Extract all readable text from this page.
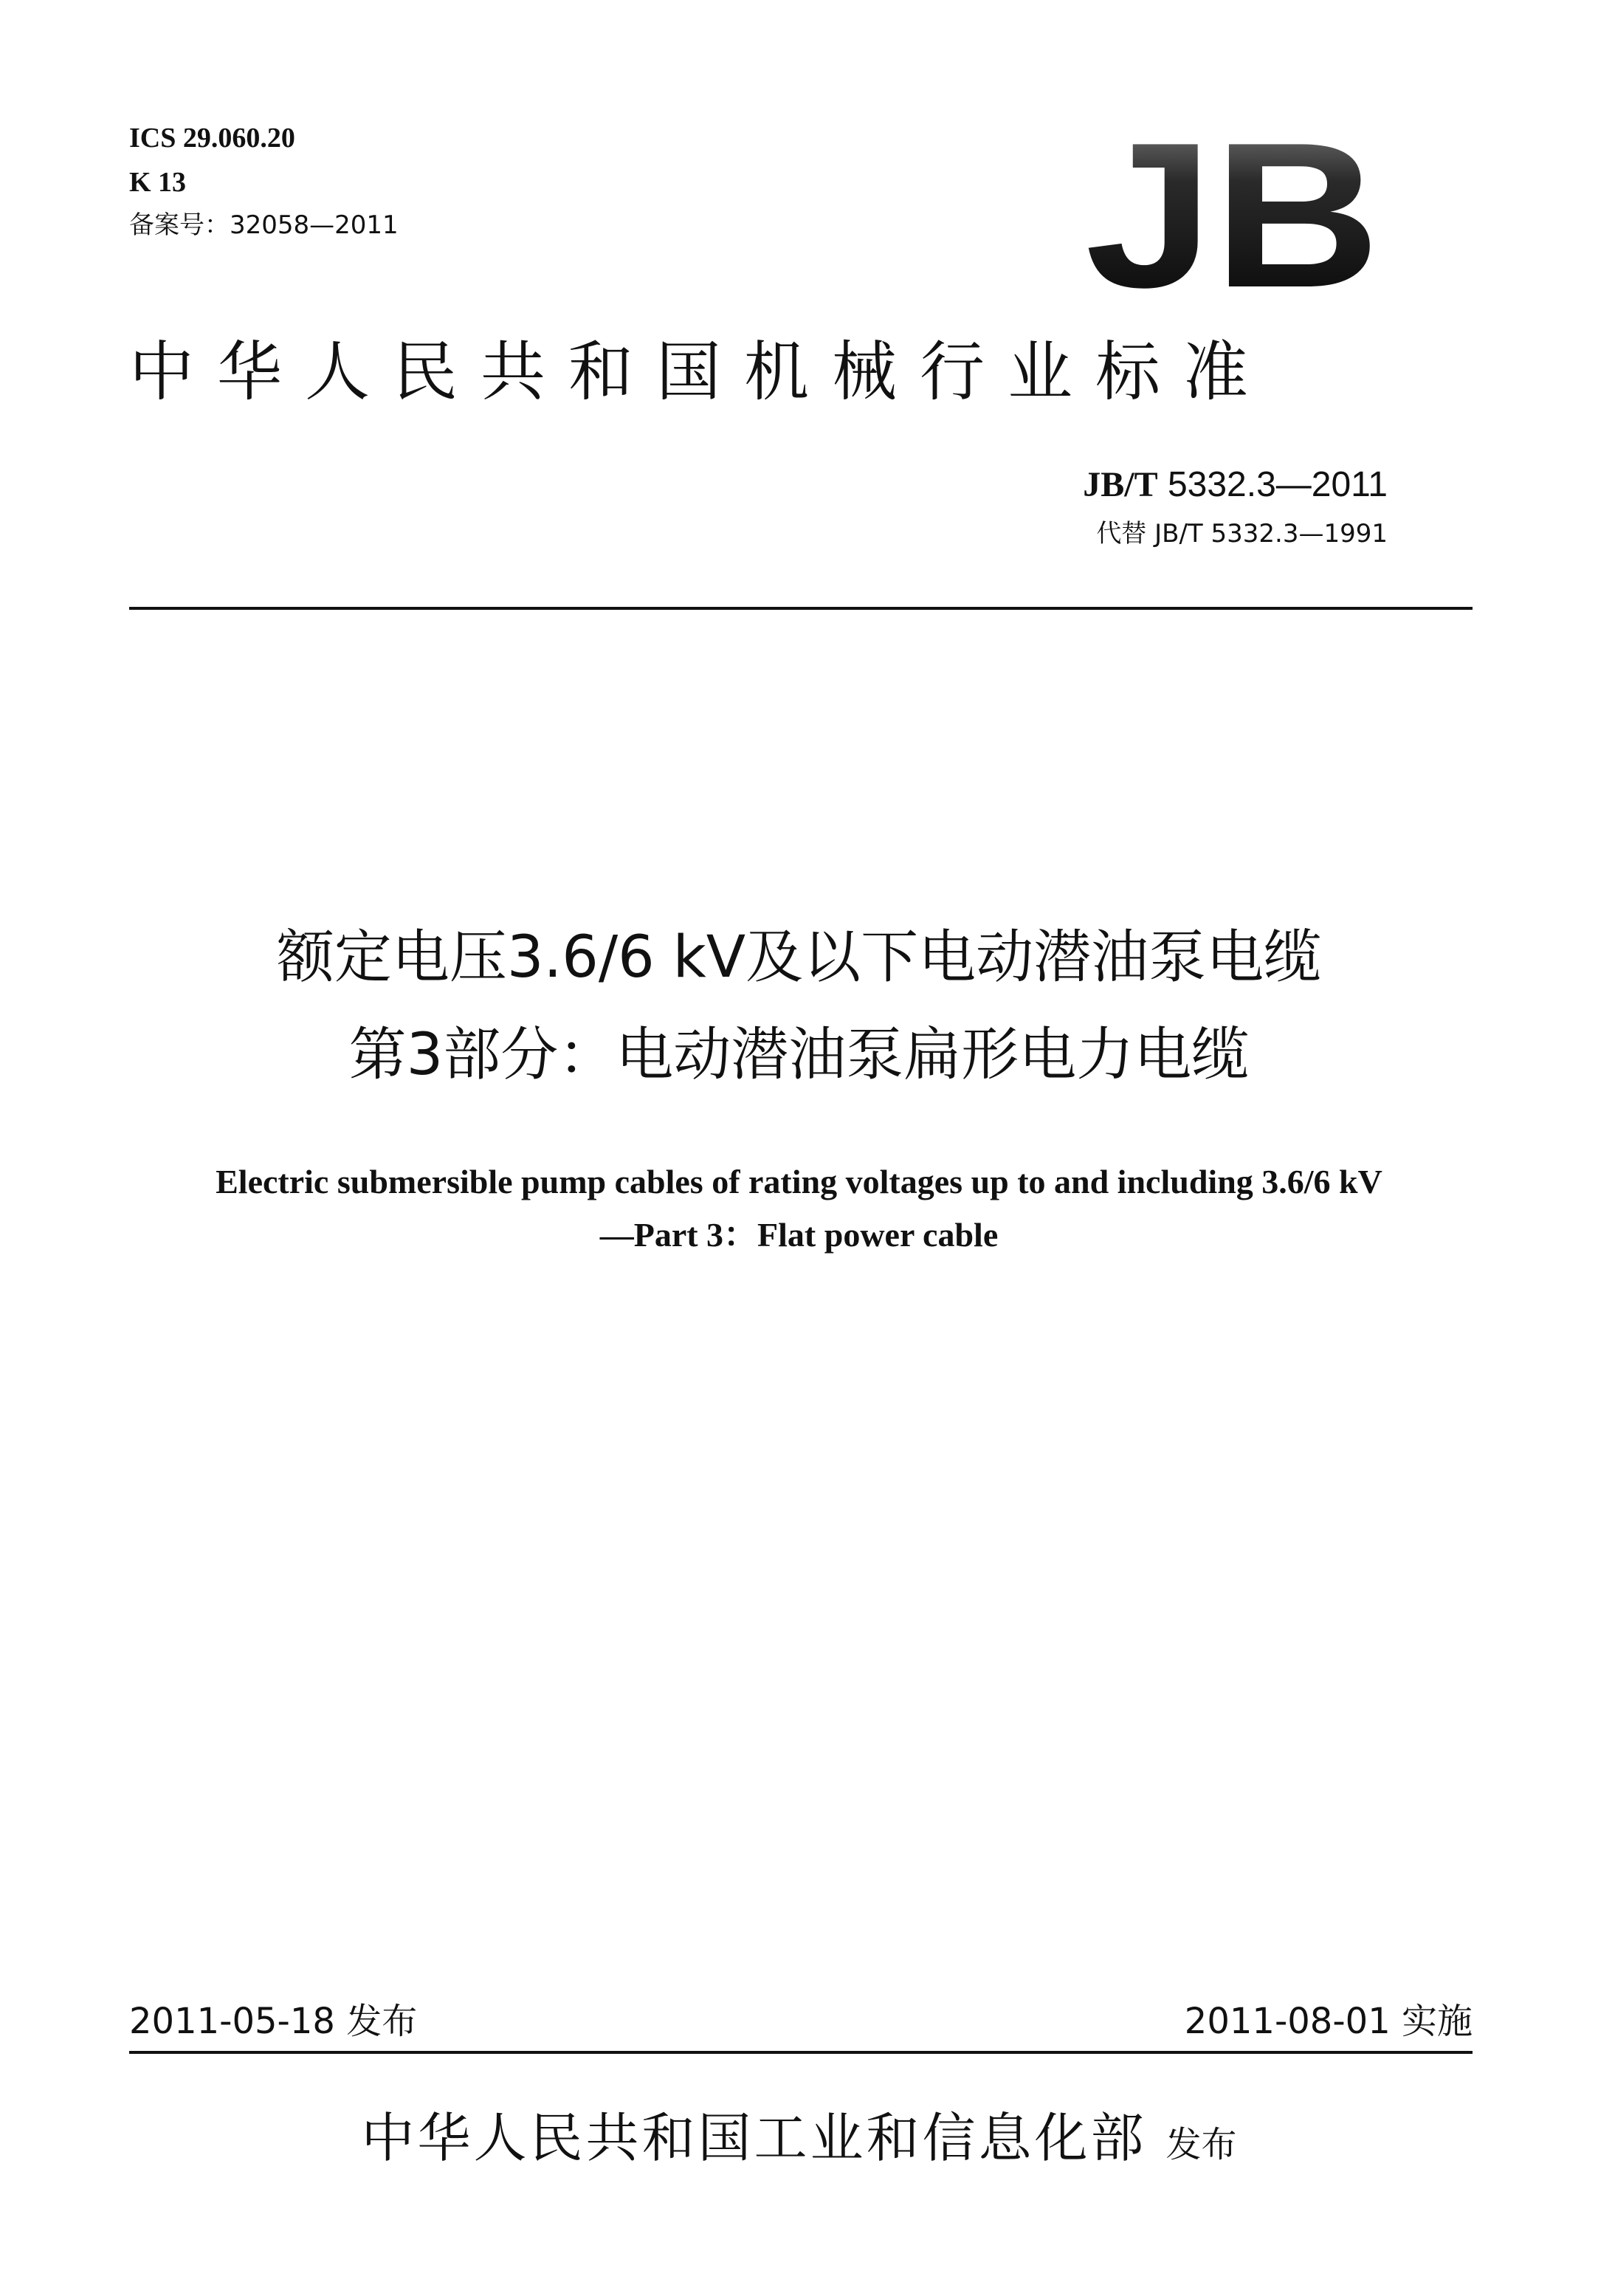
ICS 29.060.20
K 13
备案号：32058—2011	JB
中华人民共和国机械行业标准
JB/T 5332.3—2011
代替 JB/T 5332.3—1991
额定电压3.6/6 kV及以下电动潜油泵电缆
第3部分：电动潜油泵扁形电力电缆
Electric submersible pump cables of rating voltages up to and including 3.6/6 kV
—Part 3：Flat power cable
2011-05-18 发布	2011-08-01 实施
中华人民共和国工业和信息化部 发布
